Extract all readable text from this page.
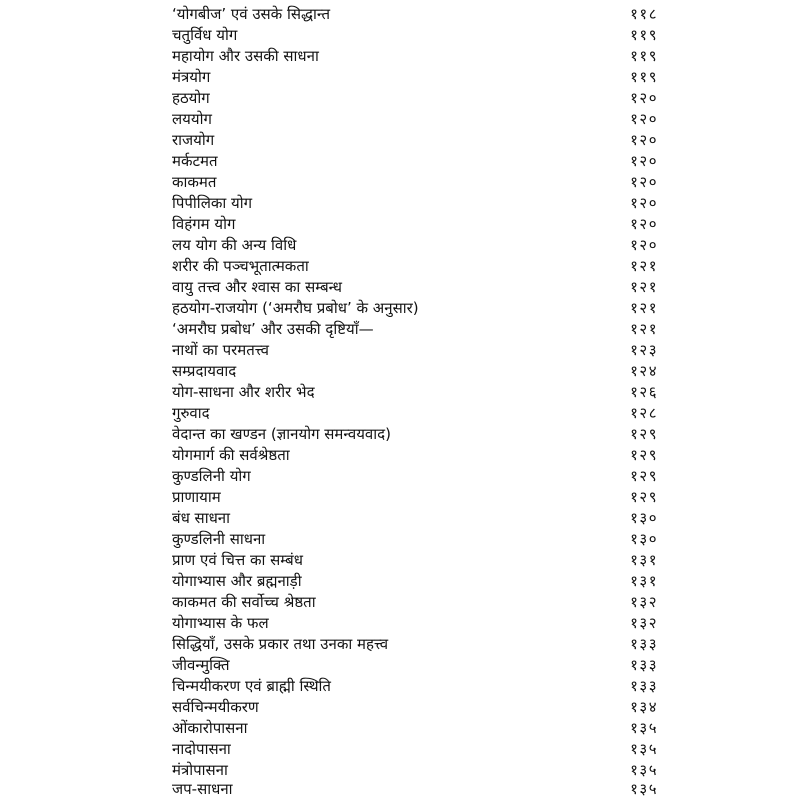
‘योगबीज’ एवं उसके सिद्धान्त	११८
चतुर्विध योग	११९
महायोग और उसकी साधना	११९
मंत्रयोग	११९
हठयोग	१२०
लययोग	१२०
राजयोग	१२०
मर्कटमत	१२०
काकमत	१२०
पिपीलिका योग	१२०
विहंगम योग	१२०
लय योग की अन्य विधि	१२०
शरीर की पञ्चभूतात्मकता	१२१
वायु तत्त्व और श्वास का सम्बन्ध	१२१
हठयोग-राजयोग (‘अमरौघ प्रबोध’ के अनुसार)	१२१
‘अमरौघ प्रबोध’ और उसकी दृष्टियाँ—	१२१
नाथों का परमतत्त्व	१२३
सम्प्रदायवाद	१२४
योग-साधना और शरीर भेद	१२६
गुरुवाद	१२८
वेदान्त का खण्डन (ज्ञानयोग समन्वयवाद)	१२९
योगमार्ग की सर्वश्रेष्ठता	१२९
कुण्डलिनी योग	१२९
प्राणायाम	१२९
बंध साधना	१३०
कुण्डलिनी साधना	१३०
प्राण एवं चित्त का सम्बंध	१३१
योगाभ्यास और ब्रह्मनाड़ी	१३१
काकमत की सर्वोच्च श्रेष्ठता	१३२
योगाभ्यास के फल	१३२
सिद्धियाँ, उसके प्रकार तथा उनका महत्त्व	१३३
जीवन्मुक्ति	१३३
चिन्मयीकरण एवं ब्राह्मी स्थिति	१३३
सर्वचिन्मयीकरण	१३४
ओंकारोपासना	१३५
नादोपासना	१३५
मंत्रोपासना	१३५
जप-साधना	१३५
